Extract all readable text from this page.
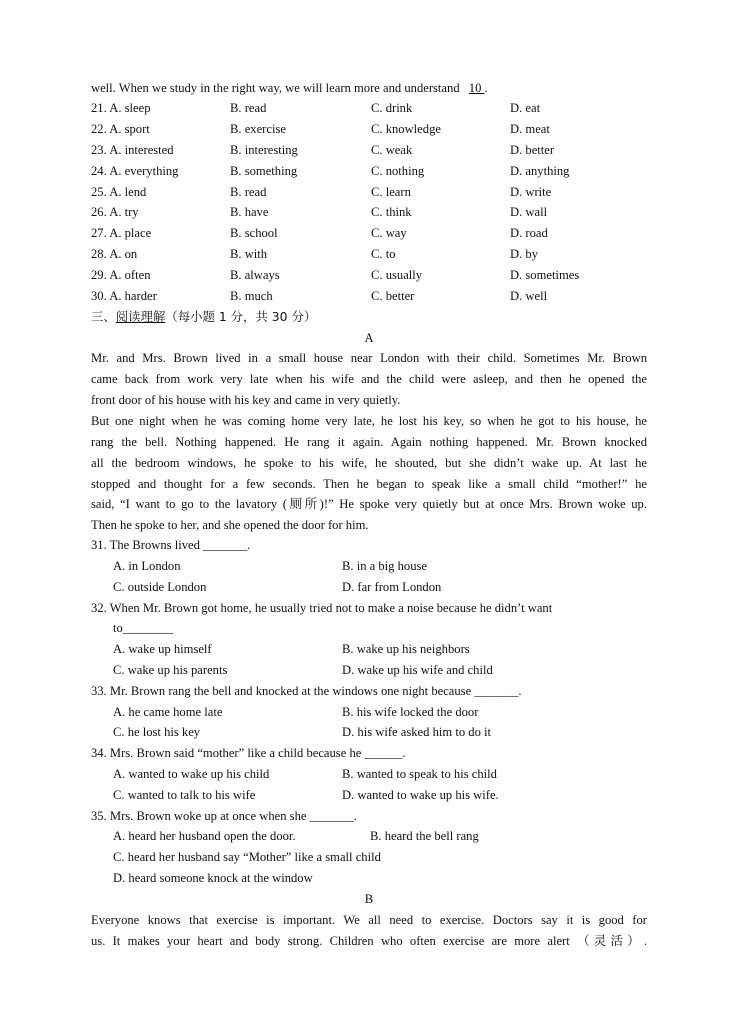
well. When we study in the right way, we will learn more and understand 10 .
21. A. sleep	B. read	C. drink	D. eat
22. A. sport	B. exercise	C. knowledge	D. meat
23. A. interested	B. interesting	C. weak	D. better
24. A. everything	B. something	C. nothing	D. anything
25. A. lend	B. read	C. learn	D. write
26. A. try	B. have	C. think	D. wall
27. A. place	B. school	C. way	D. road
28. A. on	B. with	C. to	D. by
29. A. often	B. always	C. usually	D. sometimes
30. A. harder	B. much	C. better	D. well
三、阅读理解（每小题 1 分，共 30 分）
A
Mr. and Mrs. Brown lived in a small house near London with their child. Sometimes Mr. Brown
came back from work very late when his wife and the child were asleep, and then he opened the
front door of his house with his key and came in very quietly.
But one night when he was coming home very late, he lost his key, so when he got to his house, he
rang the bell. Nothing happened. He rang it again. Again nothing happened. Mr. Brown knocked
all the bedroom windows, he spoke to his wife, he shouted, but she didn’t wake up. At last he
stopped and thought for a few seconds. Then he began to speak like a small child “mother!” he
said, “I want to go to the lavatory (厕所)!” He spoke very quietly but at once Mrs. Brown woke up.
Then he spoke to her, and she opened the door for him.
31. The Browns lived _______.
A. in London	B. in a big house
C. outside London	D. far from London
32. When Mr. Brown got home, he usually tried not to make a noise because he didn’t want
to________
A. wake up himself	B. wake up his neighbors
C. wake up his parents	D. wake up his wife and child
33. Mr. Brown rang the bell and knocked at the windows one night because _______.
A. he came home late	B. his wife locked the door
C. he lost his key	D. his wife asked him to do it
34. Mrs. Brown said “mother” like a child because he ______.
A. wanted to wake up his child	B. wanted to speak to his child
C. wanted to talk to his wife	D. wanted to wake up his wife.
35. Mrs. Brown woke up at once when she _______.
A. heard her husband open the door.	B. heard the bell rang
C. heard her husband say “Mother” like a small child
D. heard someone knock at the window
B
Everyone knows that exercise is important. We all need to exercise. Doctors say it is good for
us. It makes your heart and body strong. Children who often exercise are more alert （灵活）.
